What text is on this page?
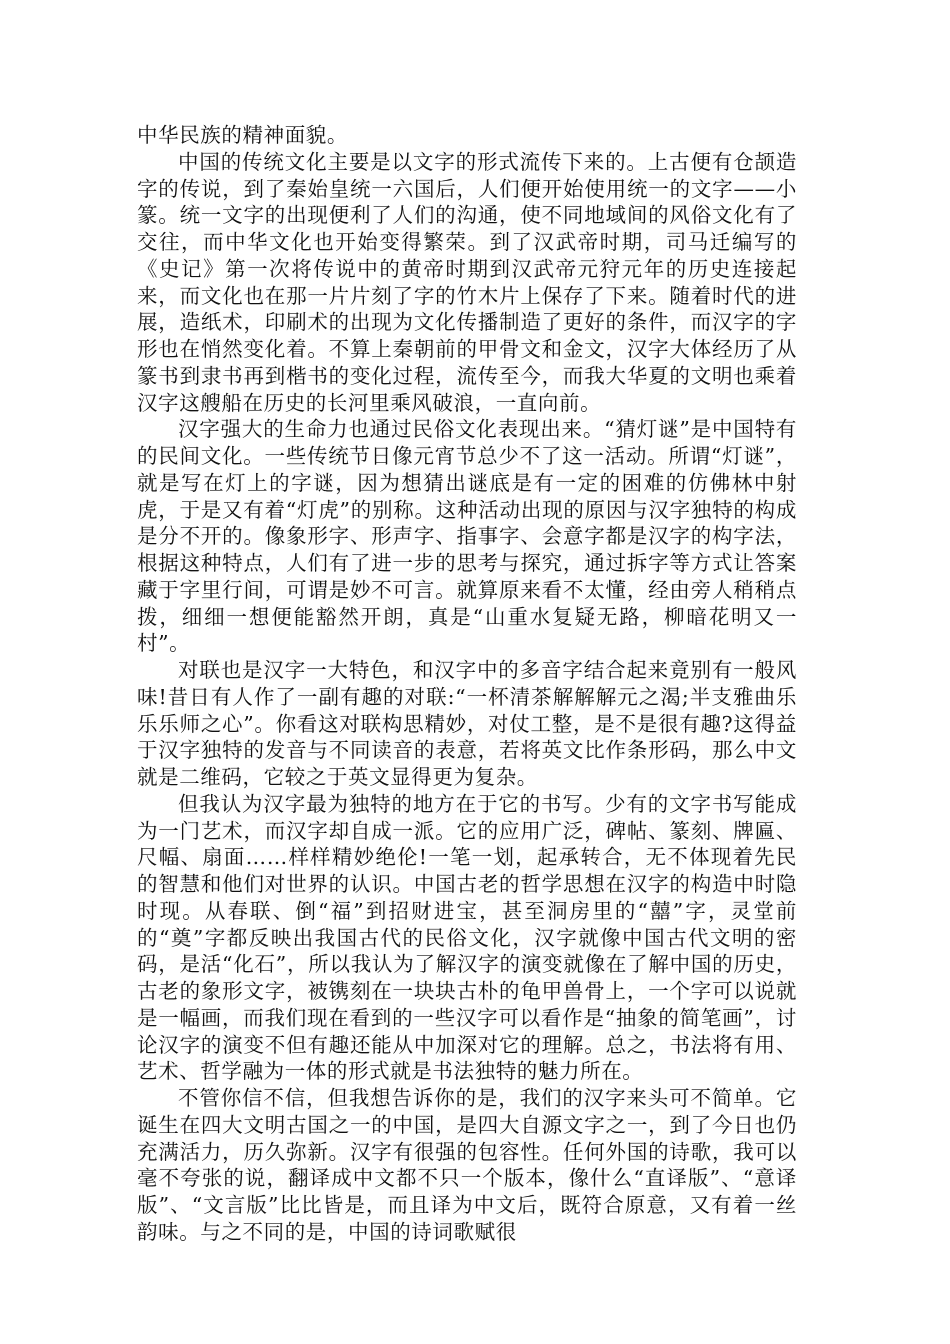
中华民族的精神面貌。

中国的传统文化主要是以文字的形式流传下来的。上古便有仓颉造字的传说，到了秦始皇统一六国后，人们便开始使用统一的文字——小篆。统一文字的出现便利了人们的沟通，使不同地域间的风俗文化有了交往，而中华文化也开始变得繁荣。到了汉武帝时期，司马迁编写的《史记》第一次将传说中的黄帝时期到汉武帝元狩元年的历史连接起来，而文化也在那一片片刻了字的竹木片上保存了下来。随着时代的进展，造纸术，印刷术的出现为文化传播制造了更好的条件，而汉字的字形也在悄然变化着。不算上秦朝前的甲骨文和金文，汉字大体经历了从篆书到隶书再到楷书的变化过程，流传至今，而我大华夏的文明也乘着汉字这艘船在历史的长河里乘风破浪，一直向前。

汉字强大的生命力也通过民俗文化表现出来。“猜灯谜”是中国特有的民间文化。一些传统节日像元宵节总少不了这一活动。所谓“灯谜”，就是写在灯上的字谜，因为想猜出谜底是有一定的困难的仿佛林中射虎，于是又有着“灯虎”的别称。这种活动出现的原因与汉字独特的构成是分不开的。像象形字、形声字、指事字、会意字都是汉字的构字法，根据这种特点，人们有了进一步的思考与探究，通过拆字等方式让答案藏于字里行间，可谓是妙不可言。就算原来看不太懂，经由旁人稍稍点拨，细细一想便能豁然开朗，真是“山重水复疑无路，柳暗花明又一村”。

对联也是汉字一大特色，和汉字中的多音字结合起来竟别有一般风味!昔日有人作了一副有趣的对联:“一杯清茶解解解元之渴;半支雅曲乐乐乐师之心”。你看这对联构思精妙，对仗工整，是不是很有趣?这得益于汉字独特的发音与不同读音的表意，若将英文比作条形码，那么中文就是二维码，它较之于英文显得更为复杂。

但我认为汉字最为独特的地方在于它的书写。少有的文字书写能成为一门艺术，而汉字却自成一派。它的应用广泛，碑帖、篆刻、牌匾、尺幅、扇面……样样精妙绝伦!一笔一划，起承转合，无不体现着先民的智慧和他们对世界的认识。中国古老的哲学思想在汉字的构造中时隐时现。从春联、倒“福”到招财进宝，甚至洞房里的“囍”字，灵堂前的“奠”字都反映出我国古代的民俗文化，汉字就像中国古代文明的密码，是活“化石”，所以我认为了解汉字的演变就像在了解中国的历史，古老的象形文字，被镌刻在一块块古朴的龟甲兽骨上，一个字可以说就是一幅画，而我们现在看到的一些汉字可以看作是“抽象的简笔画”，讨论汉字的演变不但有趣还能从中加深对它的理解。总之，书法将有用、艺术、哲学融为一体的形式就是书法独特的魅力所在。

不管你信不信，但我想告诉你的是，我们的汉字来头可不简单。它诞生在四大文明古国之一的中国，是四大自源文字之一，到了今日也仍充满活力，历久弥新。汉字有很强的包容性。任何外国的诗歌，我可以毫不夸张的说，翻译成中文都不只一个版本，像什么“直译版”、“意译版”、“文言版”比比皆是，而且译为中文后，既符合原意，又有着一丝韵味。与之不同的是，中国的诗词歌赋很
